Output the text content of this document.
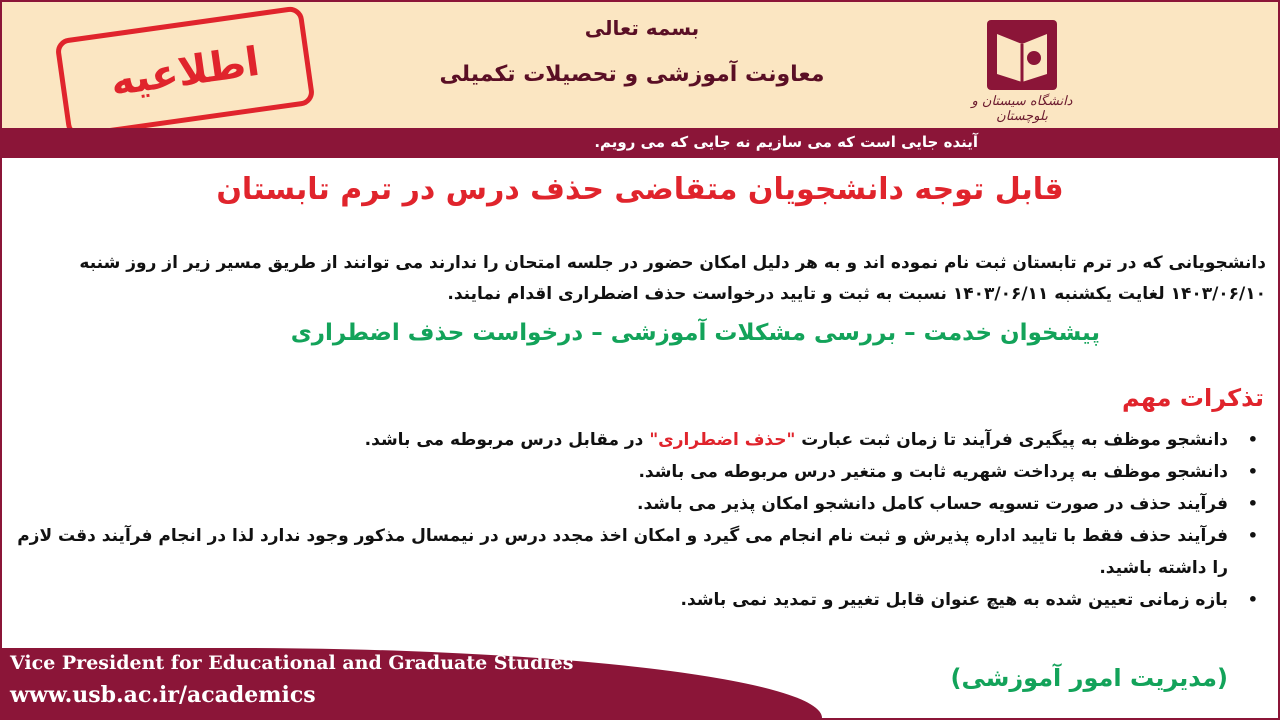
بسمه تعالی
معاونت آموزشی و تحصیلات تکمیلی
اطلاعیه	دانشگاه سیستان و بلوچستان
آینده جایی است که می سازیم نه جایی که می رویم.
قابل توجه دانشجویان متقاضی حذف درس در ترم تابستان
دانشجویانی که در ترم تابستان ثبت نام نموده اند و به هر دلیل امکان حضور در جلسه امتحان را ندارند می توانند از طریق مسیر زیر از روز شنبه ۱۴۰۳/۰۶/۱۰ لغایت یکشنبه ۱۴۰۳/۰۶/۱۱ نسبت به ثبت و تایید درخواست حذف اضطراری اقدام نمایند.
پیشخوان خدمت – بررسی مشکلات آموزشی – درخواست حذف اضطراری
تذکرات مهم
•
دانشجو موظف به پیگیری فرآیند تا زمان ثبت عبارت "حذف اضطراری" در مقابل درس مربوطه می باشد.
•
دانشجو موظف به پرداخت شهریه ثابت و متغیر درس مربوطه می باشد.
•
فرآیند حذف در صورت تسویه حساب کامل دانشجو امکان پذیر می باشد.
•
فرآیند حذف فقط با تایید اداره پذیرش و ثبت نام انجام می گیرد و امکان اخذ مجدد درس در نیمسال مذکور وجود ندارد لذا در انجام فرآیند دقت لازم را داشته باشید.
•
بازه زمانی تعیین شده به هیچ عنوان قابل تغییر و تمدید نمی باشد.
Vice President for Educational and Graduate Studies
www.usb.ac.ir/academics
(مدیریت امور آموزشی)
